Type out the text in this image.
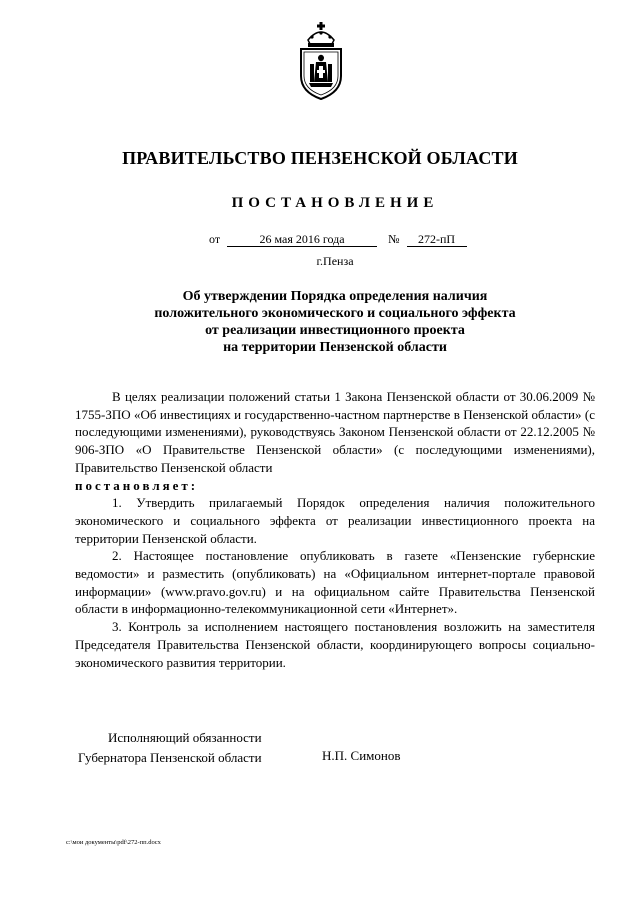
ПРАВИТЕЛЬСТВО ПЕНЗЕНСКОЙ ОБЛАСТИ
ПОСТАНОВЛЕНИЕ
от	26 мая 2016 года	№ 272-пП
г.Пенза
Об утверждении Порядка определения наличия
положительного экономического и социального эффекта
от реализации инвестиционного проекта
на территории Пензенской области

В целях реализации положений статьи 1 Закона Пензенской области от 30.06.2009 № 1755-ЗПО «Об инвестициях и государственно-частном партнерстве в Пензенской области» (с последующими изменениями), руководствуясь Законом Пензенской области от 22.12.2005 № 906-ЗПО «О Правительстве Пензенской области» (с последующими изменениями), Правительство Пензенской области

постановляет:

1. Утвердить прилагаемый Порядок определения наличия положительного экономического и социального эффекта от реализации инвестиционного проекта на территории Пензенской области.

2. Настоящее постановление опубликовать в газете «Пензенские губернские ведомости» и разместить (опубликовать) на «Официальном интернет-портале правовой информации» (www.pravo.gov.ru) и на официальном сайте Правительства Пензенской области в информационно-телекоммуникационной сети «Интернет».

3. Контроль за исполнением настоящего постановления возложить на заместителя Председателя Правительства Пензенской области, координирующего вопросы социально-экономического развития территории.

Исполняющий обязанности
Губернатора Пензенской области	Н.П. Симонов
c:\мои документы\pdf\272-пп.docx
